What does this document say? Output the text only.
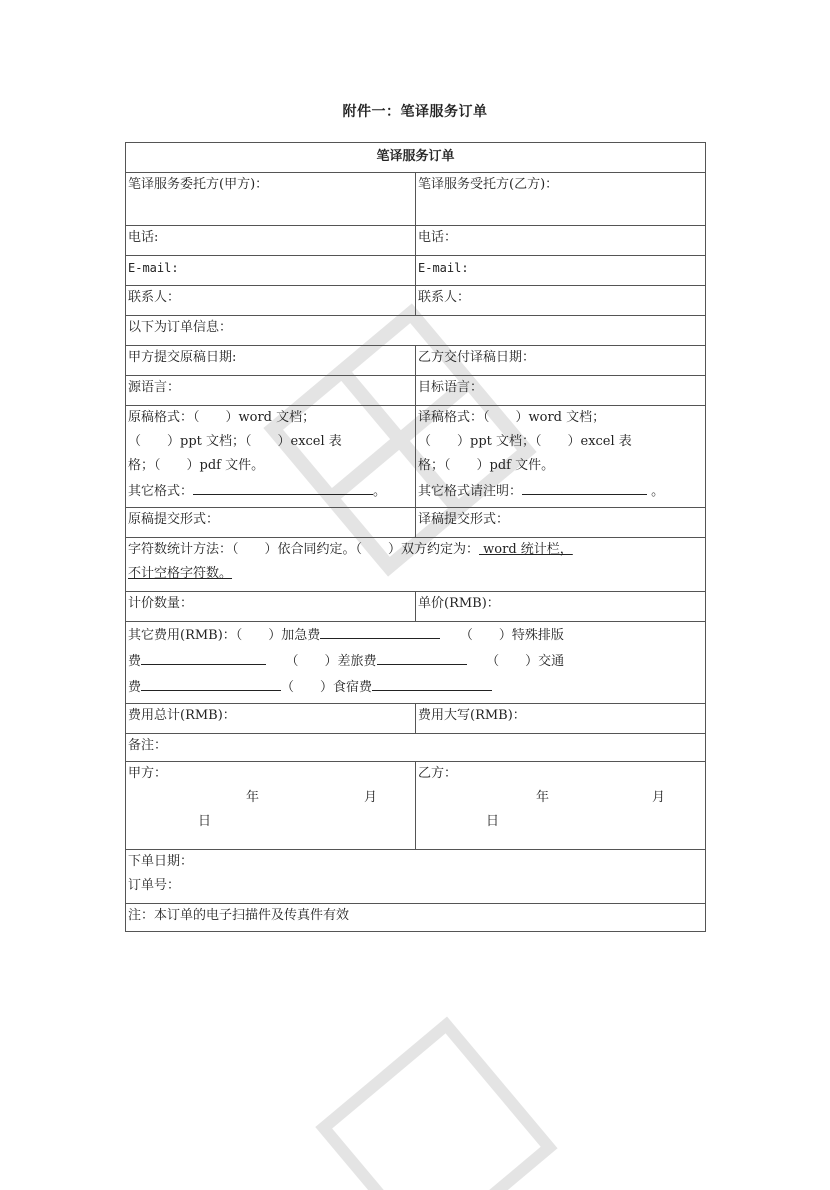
附件一：笔译服务订单
笔译服务订单	
笔译服务委托方(甲方)：	笔译服务受托方(乙方)：
电话:	电话：
E-mail:	E-mail:
联系人：	联系人：
以下为订单信息：	
甲方提交原稿日期:	乙方交付译稿日期：
源语言：	目标语言：

原稿格式：（　　）word 文档；
（　　）ppt 文档；（　　）excel 表
格；（　　）pdf 文件。
其它格式：	。

译稿格式：（　　）word 文档；
（　　）ppt 文档；（　　）excel 表
格；（　　）pdf 文件。
其它格式请注明：	。

原稿提交形式：	译稿提交形式：
字符数统计方法：（　　）依合同约定。（　　）双方约定为： word 统计栏，
不计空格字符数。	
计价数量：	单价(RMB)：

其它费用(RMB)：（　　）加急费　　 （　　）特殊排版
费　　 （　　）差旅费　　 （　　）交通
费 （　　）食宿费	

费用总计(RMB)：	费用大写(RMB)：
备注：	

甲方：
年	月
日

乙方：
年	月
日

下单日期：
订单号：	

注：本订单的电子扫描件及传真件有效	
